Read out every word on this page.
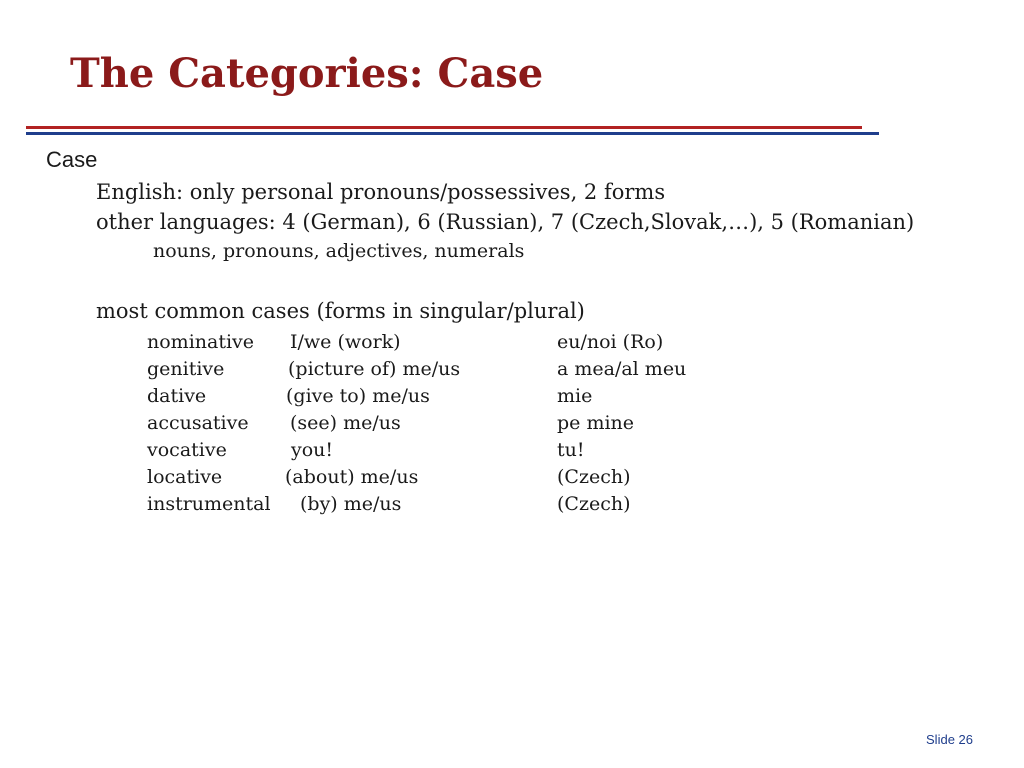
The Categories: Case
Case
English: only personal pronouns/possessives, 2 forms
other languages: 4 (German), 6 (Russian), 7 (Czech,Slovak,…), 5 (Romanian)
nouns, pronouns, adjectives, numerals
most common cases (forms in singular/plural)
nominative I/we (work)	eu/noi (Ro)
genitive	(picture of) me/us	a mea/al meu
dative	(give to) me/us	mie
accusative (see) me/us	pe mine
vocative	you!	tu!
locative	(about) me/us	(Czech)
instrumental (by) me/us	(Czech)
Slide 26
